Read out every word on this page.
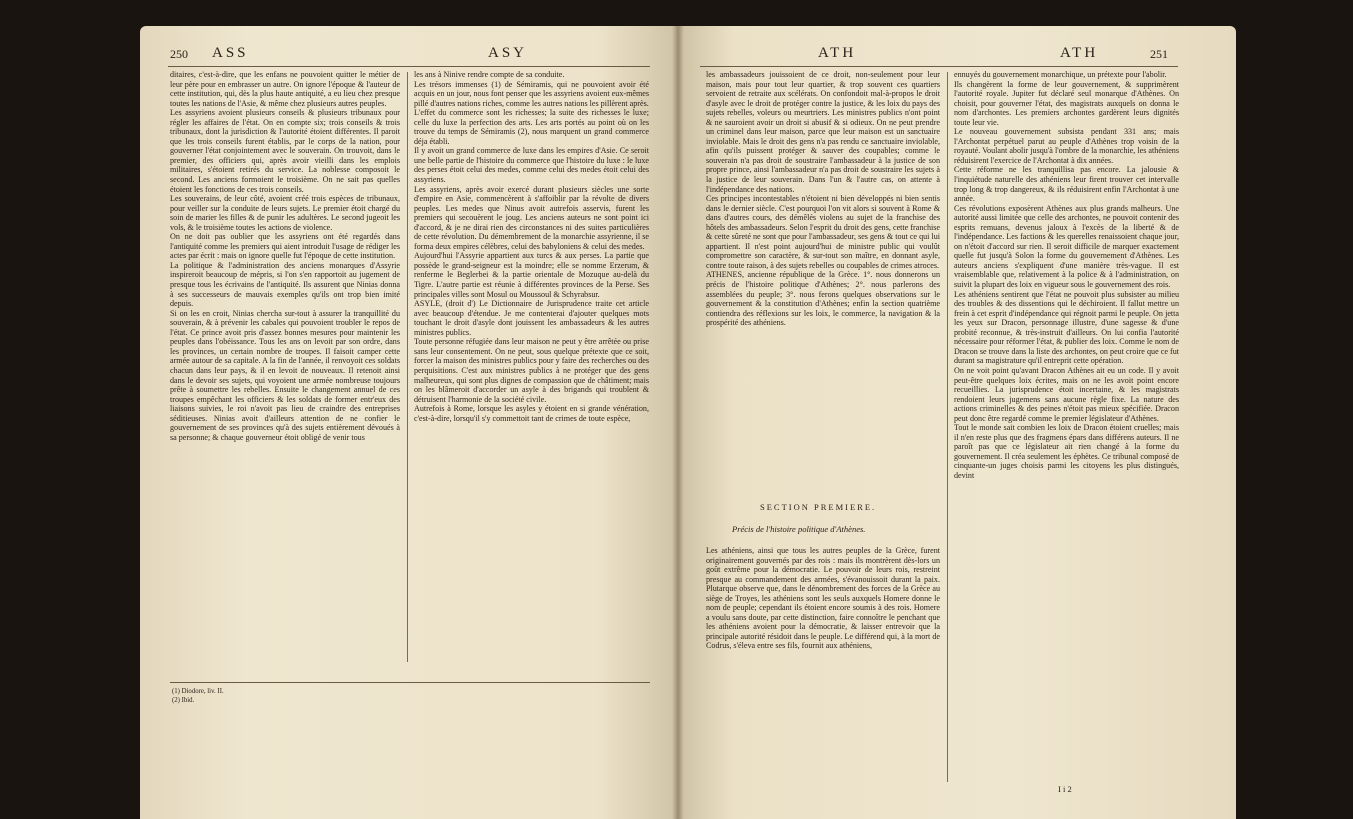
250 ASS	ASY
ditaires, c'est-à-dire, que les enfans ne pouvoient quitter le métier de leur père pour en embrasser un autre. On ignore l'époque & l'auteur de cette institution, qui, dès la plus haute antiquité, a eu lieu chez presque toutes les nations de l'Asie, & même chez plusieurs autres peuples.
Les assyriens avoient plusieurs conseils & plusieurs tribunaux pour régler les affaires de l'état. On en compte six; trois conseils & trois tribunaux, dont la jurisdiction & l'autorité étoient différentes. Il paroit que les trois conseils furent établis, par le corps de la nation, pour gouverner l'état conjointement avec le souverain. On trouvoit, dans le premier, des officiers qui, après avoir vieilli dans les emplois militaires, s'étoient retirés du service. La noblesse composoit le second. Les anciens formoient le troisième. On ne sait pas quelles étoient les fonctions de ces trois conseils.
Les souverains, de leur côté, avoient créé trois espèces de tribunaux, pour veiller sur la conduite de leurs sujets. Le premier étoit chargé du soin de marier les filles & de punir les adultères. Le second jugeoit les vols, & le troisième toutes les actions de violence.
On ne doit pas oublier que les assyriens ont été regardés dans l'antiquité comme les premiers qui aient introduit l'usage de rédiger les actes par écrit : mais on ignore quelle fut l'époque de cette institution.
La politique & l'administration des anciens monarques d'Assyrie inspireroit beaucoup de mépris, si l'on s'en rapportoit au jugement de presque tous les écrivains de l'antiquité. Ils assurent que Ninias donna à ses successeurs de mauvais exemples qu'ils ont trop bien imité depuis.
Si on les en croit, Ninias chercha sur-tout à assurer la tranquillité du souverain, & à prévenir les cabales qui pouvoient troubler le repos de l'état. Ce prince avoit pris d'assez bonnes mesures pour maintenir les peuples dans l'obéissance. Tous les ans on levoit par son ordre, dans les provinces, un certain nombre de troupes. Il faisoit camper cette armée autour de sa capitale. A la fin de l'année, il renvoyoit ces soldats chacun dans leur pays, & il en levoit de nouveaux. Il retenoit ainsi dans le devoir ses sujets, qui voyoient une armée nombreuse toujours prête à soumettre les rebelles. Ensuite le changement annuel de ces troupes empêchant les officiers & les soldats de former entr'eux des liaisons suivies, le roi n'avoit pas lieu de craindre des entreprises séditieuses. Ninias avoit d'ailleurs attention de ne confier le gouvernement de ses provinces qu'à des sujets entièrement dévoués à sa personne; & chaque gouverneur étoit obligé de venir tous
les ans à Ninive rendre compte de sa conduite.
Les trésors immenses (1) de Sémiramis, qui ne pouvoient avoir été acquis en un jour, nous font penser que les assyriens avoient eux-mêmes pillé d'autres nations riches, comme les autres nations les pillèrent après.
L'effet du commerce sont les richesses; la suite des richesses le luxe; celle du luxe la perfection des arts. Les arts portés au point où on les trouve du temps de Sémiramis (2), nous marquent un grand commerce déja établi.
Il y avoit un grand commerce de luxe dans les empires d'Asie. Ce seroit une belle partie de l'histoire du commerce que l'histoire du luxe : le luxe des perses étoit celui des medes, comme celui des medes étoit celui des assyriens.
Les assyriens, après avoir exercé durant plusieurs siècles une sorte d'empire en Asie, commencèrent à s'affoiblir par la révolte de divers peuples. Les medes que Ninus avoit autrefois asservis, furent les premiers qui secouèrent le joug. Les anciens auteurs ne sont point ici d'accord, & je ne dirai rien des circonstances ni des suites particulières de cette révolution. Du démembrement de la monarchie assyrienne, il se forma deux empires célèbres, celui des babyloniens & celui des medes.
Aujourd'hui l'Assyrie appartient aux turcs & aux perses. La partie que possède le grand-seigneur est la moindre; elle se nomme Erzerum, & renferme le Beglerbei & la partie orientale de Mozuque au-delà du Tigre. L'autre partie est réunie à différentes provinces de la Perse. Ses principales villes sont Mosul ou Moussoul & Schyrabsur.
ASYLE, (droit d') Le Dictionnaire de Jurisprudence traite cet article avec beaucoup d'étendue. Je me contenterai d'ajouter quelques mots touchant le droit d'asyle dont jouissent les ambassadeurs & les autres ministres publics.
Toute personne réfugiée dans leur maison ne peut y être arrêtée ou prise sans leur consentement. On ne peut, sous quelque prétexte que ce soit, forcer la maison des ministres publics pour y faire des recherches ou des perquisitions. C'est aux ministres publics à ne protéger que des gens malheureux, qui sont plus dignes de compassion que de châtiment; mais on les blâmeroit d'accorder un asyle à des brigands qui troublent & détruisent l'harmonie de la société civile.
Autrefois à Rome, lorsque les asyles y étoient en si grande vénération, c'est-à-dire, lorsqu'il s'y commettoit tant de crimes de toute espèce,
(1) Diodore, liv. II.
(2) Ibid.
ATH	ATH	251
les ambassadeurs jouissoient de ce droit, non-seulement pour leur maison, mais pour tout leur quartier, & trop souvent ces quartiers servoient de retraite aux scélérats. On confondoit mal-à-propos le droit d'asyle avec le droit de protéger contre la justice, & les loix du pays des sujets rebelles, voleurs ou meurtriers. Les ministres publics n'ont point & ne sauroient avoir un droit si abusif & si odieux. On ne peut prendre un criminel dans leur maison, parce que leur maison est un sanctuaire inviolable. Mais le droit des gens n'a pas rendu ce sanctuaire inviolable, afin qu'ils puissent protéger & sauver des coupables; comme le souverain n'a pas droit de soustraire l'ambassadeur à la justice de son propre prince, ainsi l'ambassadeur n'a pas droit de soustraire les sujets à la justice de leur souverain. Dans l'un & l'autre cas, on attente à l'indépendance des nations.
Ces principes incontestables n'étoient ni bien développés ni bien sentis dans le dernier siècle. C'est pourquoi l'on vit alors si souvent à Rome & dans d'autres cours, des démêlés violens au sujet de la franchise des hôtels des ambassadeurs. Selon l'esprit du droit des gens, cette franchise & cette sûreté ne sont que pour l'ambassadeur, ses gens & tout ce qui lui appartient. Il n'est point aujourd'hui de ministre public qui voulût compromettre son caractère, & sur-tout son maître, en donnant asyle, contre toute raison, à des sujets rebelles ou coupables de crimes atroces.
ATHENES, ancienne république de la Grèce. 1°. nous donnerons un précis de l'histoire politique d'Athènes; 2°. nous parlerons des assemblées du peuple; 3°. nous ferons quelques observations sur le gouvernement & la constitution d'Athènes; enfin la section quatrième contiendra des réflexions sur les loix, le commerce, la navigation & la prospérité des athéniens.
SECTION PREMIERE.
Précis de l'histoire politique d'Athènes.
Les athéniens, ainsi que tous les autres peuples de la Grèce, furent originairement gouvernés par des rois : mais ils montrèrent dès-lors un goût extrême pour la démocratie. Le pouvoir de leurs rois, restreint presque au commandement des armées, s'évanouissoit durant la paix. Plutarque observe que, dans le dénombrement des forces de la Grèce au siège de Troyes, les athéniens sont les seuls auxquels Homere donne le nom de peuple; cependant ils étoient encore soumis à des rois. Homere a voulu sans doute, par cette distinction, faire connoître le penchant que les athéniens avoient pour la démocratie, & laisser entrevoir que la principale autorité résidoit dans le peuple. Le différend qui, à la mort de Codrus, s'éleva entre ses fils, fournit aux athéniens,
ennuyés du gouvernement monarchique, un prétexte pour l'abolir.
Ils changèrent la forme de leur gouvernement, & supprimèrent l'autorité royale. Jupiter fut déclaré seul monarque d'Athènes. On choisit, pour gouverner l'état, des magistrats auxquels on donna le nom d'archontes. Les premiers archontes gardèrent leurs dignités toute leur vie.
Le nouveau gouvernement subsista pendant 331 ans; mais l'Archontat perpétuel parut au peuple d'Athènes trop voisin de la royauté. Voulant abolir jusqu'à l'ombre de la monarchie, les athéniens réduisirent l'exercice de l'Archontat à dix années.
Cette réforme ne les tranquillisa pas encore. La jalousie & l'inquiétude naturelle des athéniens leur firent trouver cet intervalle trop long & trop dangereux, & ils réduisirent enfin l'Archontat à une année.
Ces révolutions exposèrent Athènes aux plus grands malheurs. Une autorité aussi limitée que celle des archontes, ne pouvoit contenir des esprits remuans, devenus jaloux à l'excès de la liberté & de l'indépendance. Les factions & les querelles renaissoient chaque jour, on n'étoit d'accord sur rien. Il seroit difficile de marquer exactement quelle fut jusqu'à Solon la forme du gouvernement d'Athènes. Les auteurs anciens s'expliquent d'une manière très-vague. Il est vraisemblable que, relativement à la police & à l'administration, on suivit la plupart des loix en vigueur sous le gouvernement des rois.
Les athéniens sentirent que l'état ne pouvoit plus subsister au milieu des troubles & des dissentions qui le déchiroient. Il fallut mettre un frein à cet esprit d'indépendance qui régnoit parmi le peuple. On jetta les yeux sur Dracon, personnage illustre, d'une sagesse & d'une probité reconnue, & très-instruit d'ailleurs. On lui confia l'autorité nécessaire pour réformer l'état, & publier des loix. Comme le nom de Dracon se trouve dans la liste des archontes, on peut croire que ce fut durant sa magistrature qu'il entreprit cette opération.
On ne voit point qu'avant Dracon Athènes ait eu un code. Il y avoit peut-être quelques loix écrites, mais on ne les avoit point encore recueillies. La jurisprudence étoit incertaine, & les magistrats rendoient leurs jugemens sans aucune règle fixe. La nature des actions criminelles & des peines n'étoit pas mieux spécifiée. Dracon peut donc être regardé comme le premier législateur d'Athènes.
Tout le monde sait combien les loix de Dracon étoient cruelles; mais il n'en reste plus que des fragmens épars dans différens auteurs. Il ne paroît pas que ce législateur ait rien changé à la forme du gouvernement. Il créa seulement les éphètes. Ce tribunal composé de cinquante-un juges choisis parmi les citoyens les plus distingués, devint
I i 2
